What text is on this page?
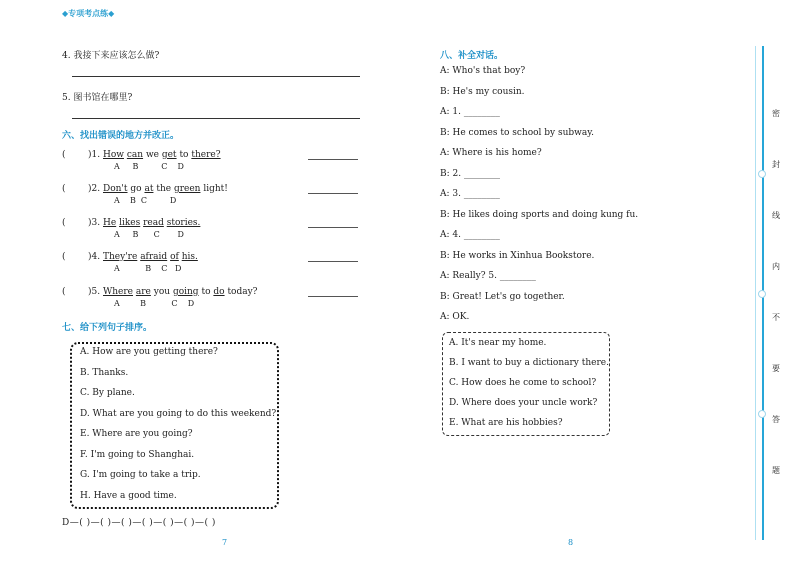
◆专项考点练◆
4. 我接下来应该怎么做?
5. 图书馆在哪里?
六、找出错误的地方并改正。
( )1. How can we get to there?
A     B         C    D
( )2. Don't go at the green light!
A    B  C         D
( )3. He likes read stories.
A     B      C       D
( )4. They're afraid of his.
A          B    C   D
( )5. Where are you going to do today?
A        B          C    D
七、给下列句子排序。
A. How are you getting there?
B. Thanks.
C. By plane.
D. What are you going to do this weekend?
E. Where are you going?
F. I'm going to Shanghai.
G. I'm going to take a trip.
H. Have a good time.
D—( )—( )—( )—( )—( )—( )—( )
7
八、补全对话。
A: Who's that boy?
B: He's my cousin.
A: 1. ________
B: He comes to school by subway.
A: Where is his home?
B: 2. ________
A: 3. ________
B: He likes doing sports and doing kung fu.
A: 4. ________
B: He works in Xinhua Bookstore.
A: Really? 5. ________
B: Great! Let's go together.
A: OK.
A. It's near my home.
B. I want to buy a dictionary there.
C. How does he come to school?
D. Where does your uncle work?
E. What are his hobbies?
8
密
封
线
内
不
要
答
题
